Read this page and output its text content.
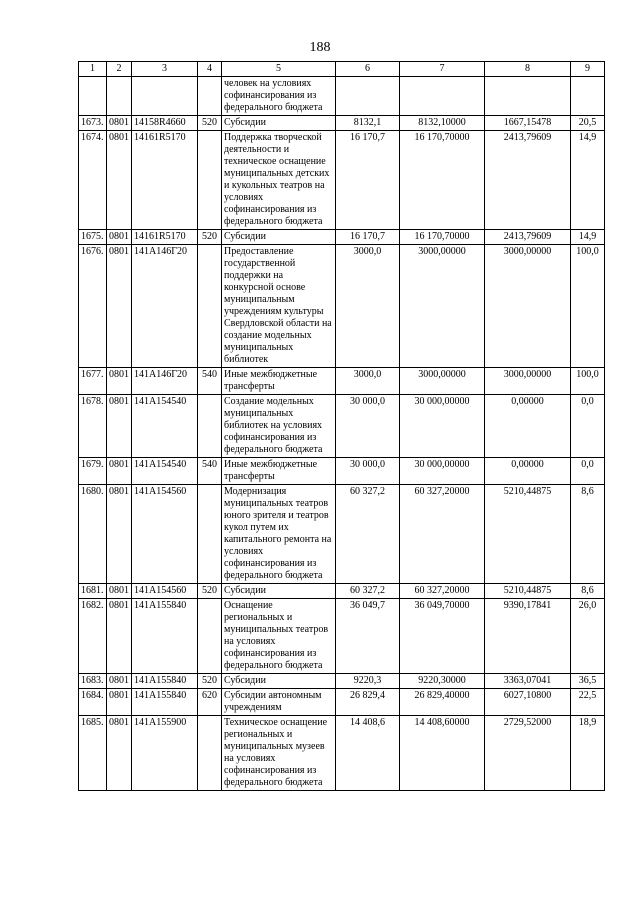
188
1	2	3	4	5	6	7	8	9
				человек на условиях софинансирования из федерального бюджета				
1673.	0801	14158R4660	520	Субсидии	8132,1	8132,10000	1667,15478	20,5
1674.	0801	14161R5170		Поддержка творческой деятельности и техническое оснащение муниципальных детских и кукольных театров на условиях софинансирования из федерального бюджета	16 170,7	16 170,70000	2413,79609	14,9
1675.	0801	14161R5170	520	Субсидии	16 170,7	16 170,70000	2413,79609	14,9
1676.	0801	141A146Г20		Предоставление государственной поддержки на конкурсной основе муниципальным учреждениям культуры Свердловской области на создание модельных муниципальных библиотек	3000,0	3000,00000	3000,00000	100,0
1677.	0801	141A146Г20	540	Иные межбюджетные трансферты	3000,0	3000,00000	3000,00000	100,0
1678.	0801	141A154540		Создание модельных муниципальных библиотек на условиях софинансирования из федерального бюджета	30 000,0	30 000,00000	0,00000	0,0
1679.	0801	141A154540	540	Иные межбюджетные трансферты	30 000,0	30 000,00000	0,00000	0,0
1680.	0801	141A154560		Модернизация муниципальных театров юного зрителя и театров кукол путем их капитального ремонта на условиях софинансирования из федерального бюджета	60 327,2	60 327,20000	5210,44875	8,6
1681.	0801	141A154560	520	Субсидии	60 327,2	60 327,20000	5210,44875	8,6
1682.	0801	141A155840		Оснащение региональных и муниципальных театров на условиях софинансирования из федерального бюджета	36 049,7	36 049,70000	9390,17841	26,0
1683.	0801	141A155840	520	Субсидии	9220,3	9220,30000	3363,07041	36,5
1684.	0801	141A155840	620	Субсидии автономным учреждениям	26 829,4	26 829,40000	6027,10800	22,5
1685.	0801	141A155900		Техническое оснащение региональных и муниципальных музеев на условиях софинансирования из федерального бюджета	14 408,6	14 408,60000	2729,52000	18,9
